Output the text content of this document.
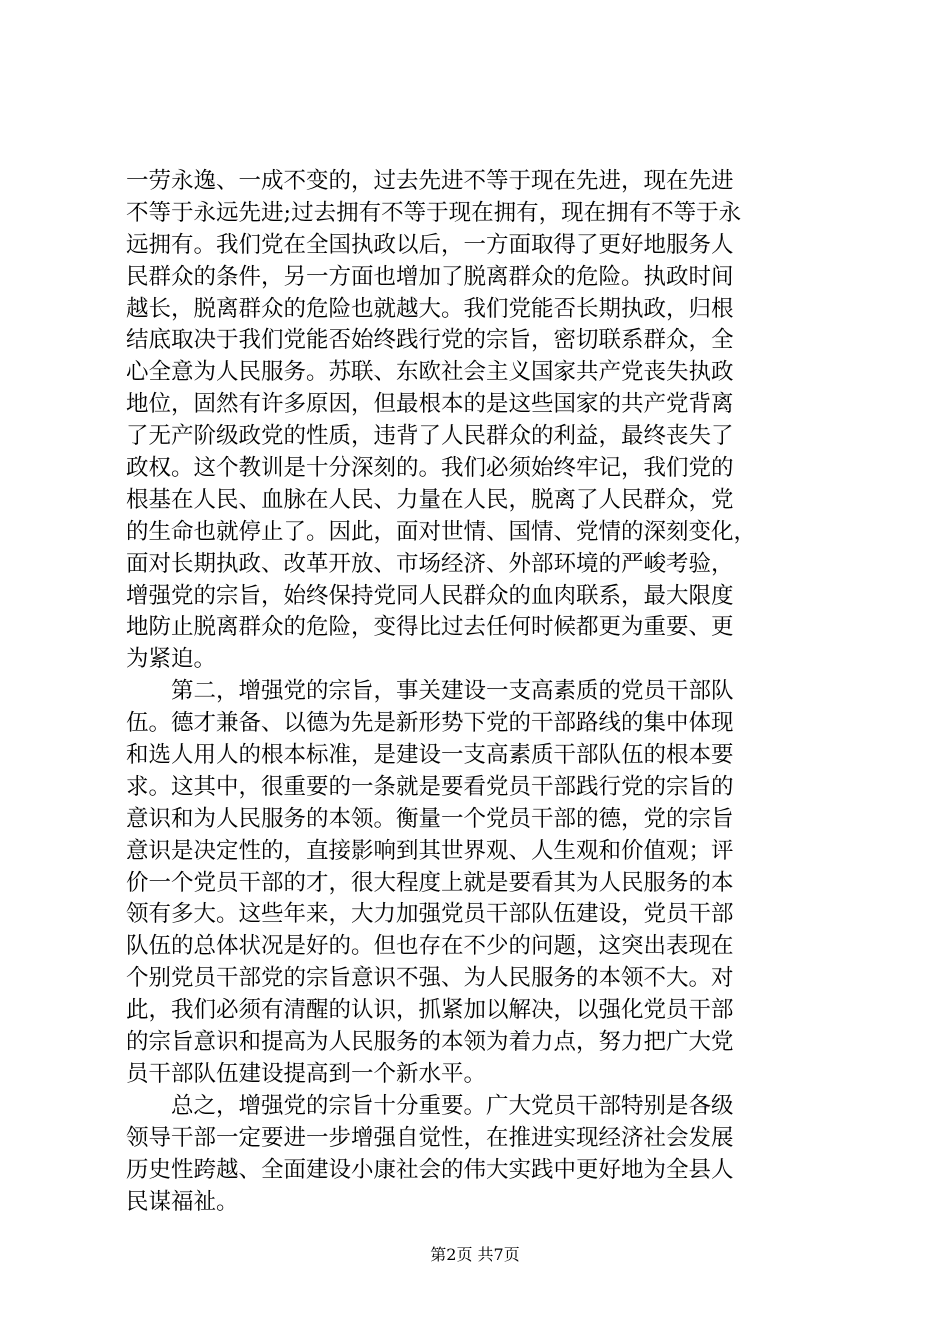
一劳永逸、一成不变的，过去先进不等于现在先进，现在先进
不等于永远先进;过去拥有不等于现在拥有，现在拥有不等于永
远拥有。我们党在全国执政以后，一方面取得了更好地服务人
民群众的条件，另一方面也增加了脱离群众的危险。执政时间
越长，脱离群众的危险也就越大。我们党能否长期执政，归根
结底取决于我们党能否始终践行党的宗旨，密切联系群众，全
心全意为人民服务。苏联、东欧社会主义国家共产党丧失执政
地位，固然有许多原因，但最根本的是这些国家的共产党背离
了无产阶级政党的性质，违背了人民群众的利益，最终丧失了
政权。这个教训是十分深刻的。我们必须始终牢记，我们党的
根基在人民、血脉在人民、力量在人民，脱离了人民群众，党
的生命也就停止了。因此，面对世情、国情、党情的深刻变化，
面对长期执政、改革开放、市场经济、外部环境的严峻考验，
增强党的宗旨，始终保持党同人民群众的血肉联系，最大限度
地防止脱离群众的危险，变得比过去任何时候都更为重要、更
为紧迫。
　　第二，增强党的宗旨，事关建设一支高素质的党员干部队
伍。德才兼备、以德为先是新形势下党的干部路线的集中体现
和选人用人的根本标准，是建设一支高素质干部队伍的根本要
求。这其中，很重要的一条就是要看党员干部践行党的宗旨的
意识和为人民服务的本领。衡量一个党员干部的德，党的宗旨
意识是决定性的，直接影响到其世界观、人生观和价值观；评
价一个党员干部的才，很大程度上就是要看其为人民服务的本
领有多大。这些年来，大力加强党员干部队伍建设，党员干部
队伍的总体状况是好的。但也存在不少的问题，这突出表现在
个别党员干部党的宗旨意识不强、为人民服务的本领不大。对
此，我们必须有清醒的认识，抓紧加以解决，以强化党员干部
的宗旨意识和提高为人民服务的本领为着力点，努力把广大党
员干部队伍建设提高到一个新水平。
　　总之，增强党的宗旨十分重要。广大党员干部特别是各级
领导干部一定要进一步增强自觉性，在推进实现经济社会发展
历史性跨越、全面建设小康社会的伟大实践中更好地为全县人
民谋福祉。
第2页 共7页
